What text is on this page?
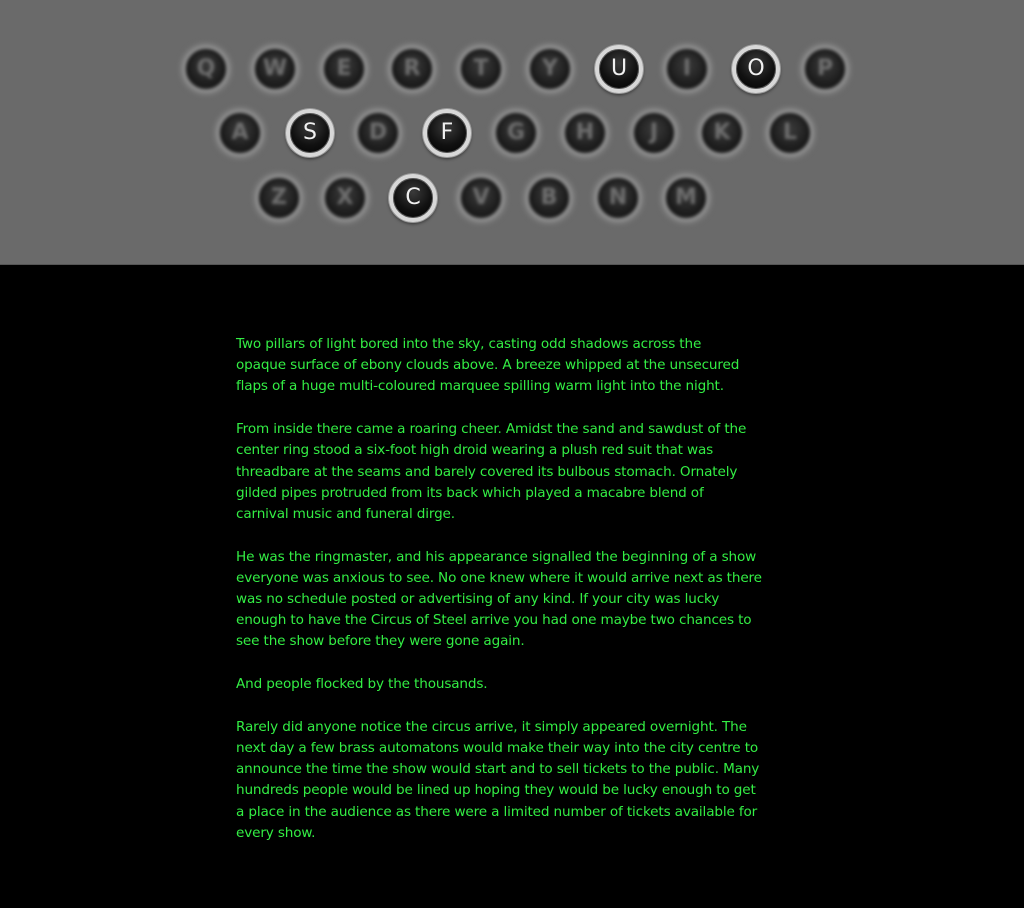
Q W E R T Y U	I	O P
A S D F G H	J	K L
Z X C V B N M

Two pillars of light bored into the sky, casting odd shadows across the
opaque surface of ebony clouds above. A breeze whipped at the unsecured
flaps of a huge multi-coloured marquee spilling warm light into the night.

From inside there came a roaring cheer. Amidst the sand and sawdust of the
center ring stood a six-foot high droid wearing a plush red suit that was
threadbare at the seams and barely covered its bulbous stomach. Ornately
gilded pipes protruded from its back which played a macabre blend of
carnival music and funeral dirge.

He was the ringmaster, and his appearance signalled the beginning of a show
everyone was anxious to see. No one knew where it would arrive next as there
was no schedule posted or advertising of any kind. If your city was lucky
enough to have the Circus of Steel arrive you had one maybe two chances to
see the show before they were gone again.

And people flocked by the thousands.

Rarely did anyone notice the circus arrive, it simply appeared overnight. The
next day a few brass automatons would make their way into the city centre to
announce the time the show would start and to sell tickets to the public. Many
hundreds people would be lined up hoping they would be lucky enough to get
a place in the audience as there were a limited number of tickets available for
every show.
